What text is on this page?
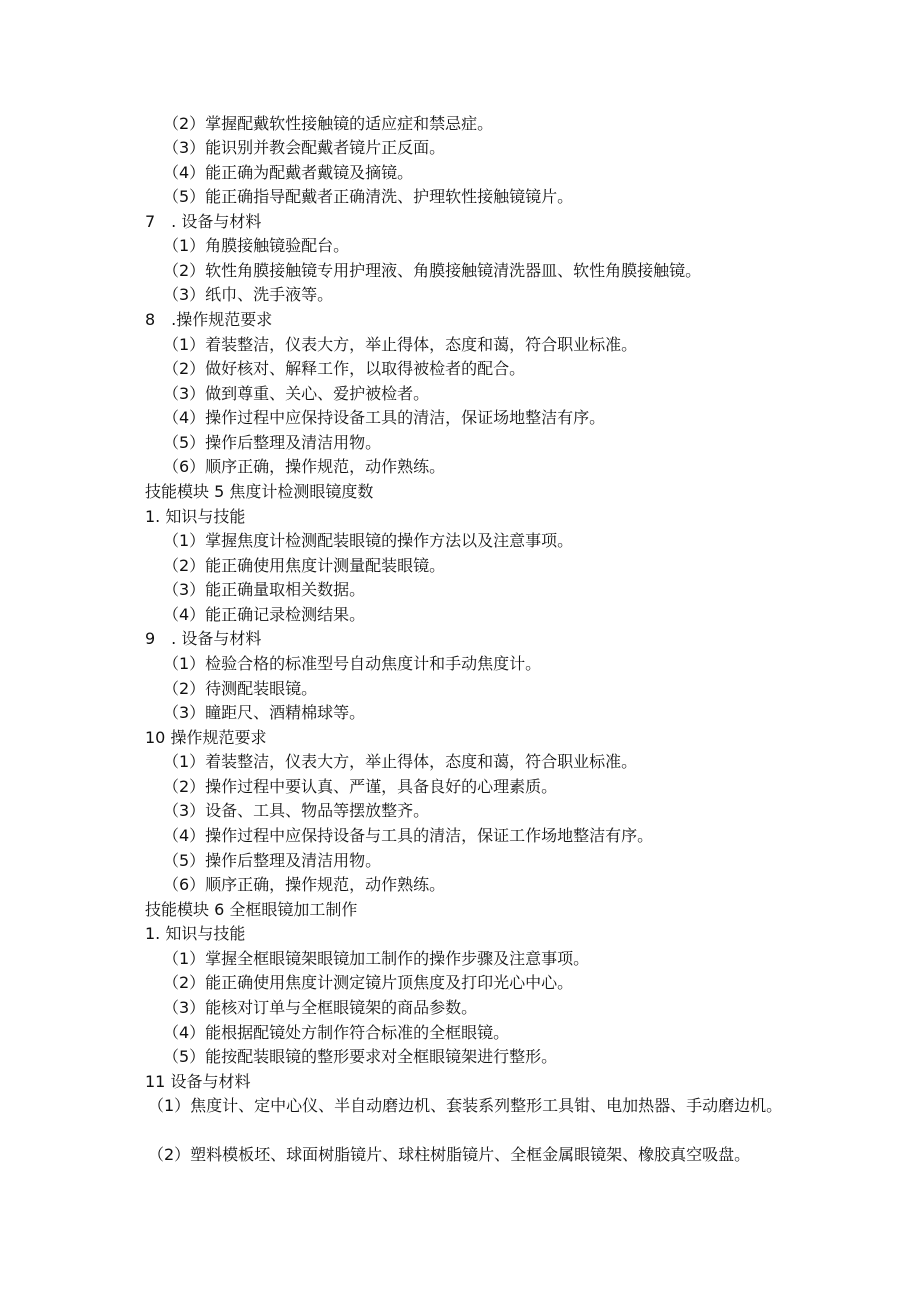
（2）掌握配戴软性接触镜的适应症和禁忌症。
（3）能识别并教会配戴者镜片正反面。
（4）能正确为配戴者戴镜及摘镜。
（5）能正确指导配戴者正确清洗、护理软性接触镜镜片。
7　. 设备与材料
（1）角膜接触镜验配台。
（2）软性角膜接触镜专用护理液、角膜接触镜清洗器皿、软性角膜接触镜。
（3）纸巾、洗手液等。
8　.操作规范要求
（1）着装整洁，仪表大方，举止得体，态度和蔼，符合职业标准。
（2）做好核对、解释工作，以取得被检者的配合。
（3）做到尊重、关心、爱护被检者。
（4）操作过程中应保持设备工具的清洁，保证场地整洁有序。
（5）操作后整理及清洁用物。
（6）顺序正确，操作规范，动作熟练。
技能模块 5 焦度计检测眼镜度数
1. 知识与技能
（1）掌握焦度计检测配装眼镜的操作方法以及注意事项。
（2）能正确使用焦度计测量配装眼镜。
（3）能正确量取相关数据。
（4）能正确记录检测结果。
9　. 设备与材料
（1）检验合格的标准型号自动焦度计和手动焦度计。
（2）待测配装眼镜。
（3）瞳距尺、酒精棉球等。
10 操作规范要求
（1）着装整洁，仪表大方，举止得体，态度和蔼，符合职业标准。
（2）操作过程中要认真、严谨，具备良好的心理素质。
（3）设备、工具、物品等摆放整齐。
（4）操作过程中应保持设备与工具的清洁，保证工作场地整洁有序。
（5）操作后整理及清洁用物。
（6）顺序正确，操作规范，动作熟练。
技能模块 6 全框眼镜加工制作
1. 知识与技能
（1）掌握全框眼镜架眼镜加工制作的操作步骤及注意事项。
（2）能正确使用焦度计测定镜片顶焦度及打印光心中心。
（3）能核对订单与全框眼镜架的商品参数。
（4）能根据配镜处方制作符合标准的全框眼镜。
（5）能按配装眼镜的整形要求对全框眼镜架进行整形。
11 设备与材料
（1）焦度计、定中心仪、半自动磨边机、套装系列整形工具钳、电加热器、手动磨边机。
（2）塑料模板坯、球面树脂镜片、球柱树脂镜片、全框金属眼镜架、橡胶真空吸盘。
